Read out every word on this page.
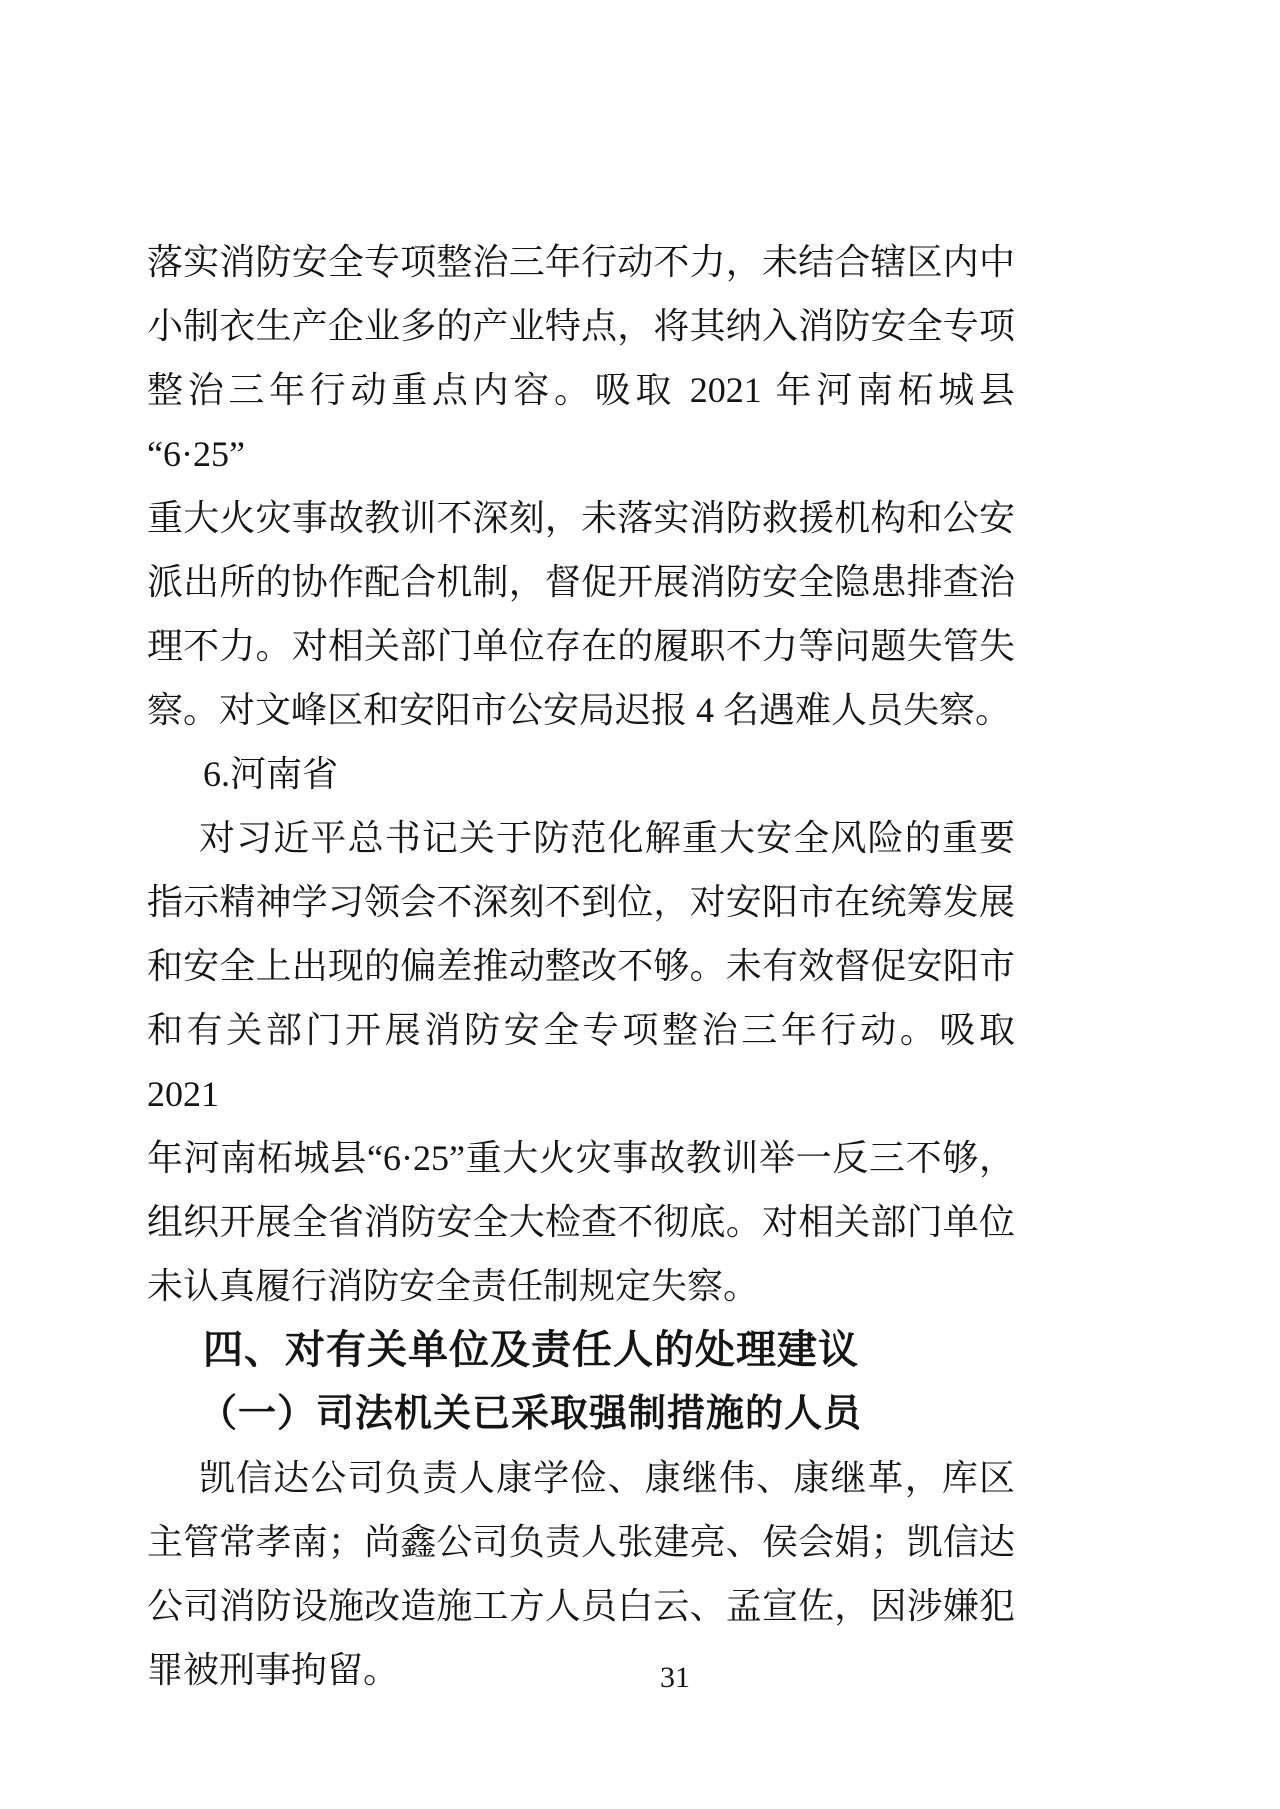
落实消防安全专项整治三年行动不力，未结合辖区内中
小制衣生产企业多的产业特点，将其纳入消防安全专项
整治三年行动重点内容。吸取 2021 年河南柘城县“6·25”
重大火灾事故教训不深刻，未落实消防救援机构和公安
派出所的协作配合机制，督促开展消防安全隐患排查治
理不力。对相关部门单位存在的履职不力等问题失管失
察。对文峰区和安阳市公安局迟报 4 名遇难人员失察。
6.河南省
对习近平总书记关于防范化解重大安全风险的重要
指示精神学习领会不深刻不到位，对安阳市在统筹发展
和安全上出现的偏差推动整改不够。未有效督促安阳市
和有关部门开展消防安全专项整治三年行动。吸取 2021
年河南柘城县“6·25”重大火灾事故教训举一反三不够，
组织开展全省消防安全大检查不彻底。对相关部门单位
未认真履行消防安全责任制规定失察。
四、对有关单位及责任人的处理建议
（一）司法机关已采取强制措施的人员
凯信达公司负责人康学俭、康继伟、康继革，库区
主管常孝南；尚鑫公司负责人张建亮、侯会娟；凯信达
公司消防设施改造施工方人员白云、孟宣佐，因涉嫌犯
罪被刑事拘留。	31
